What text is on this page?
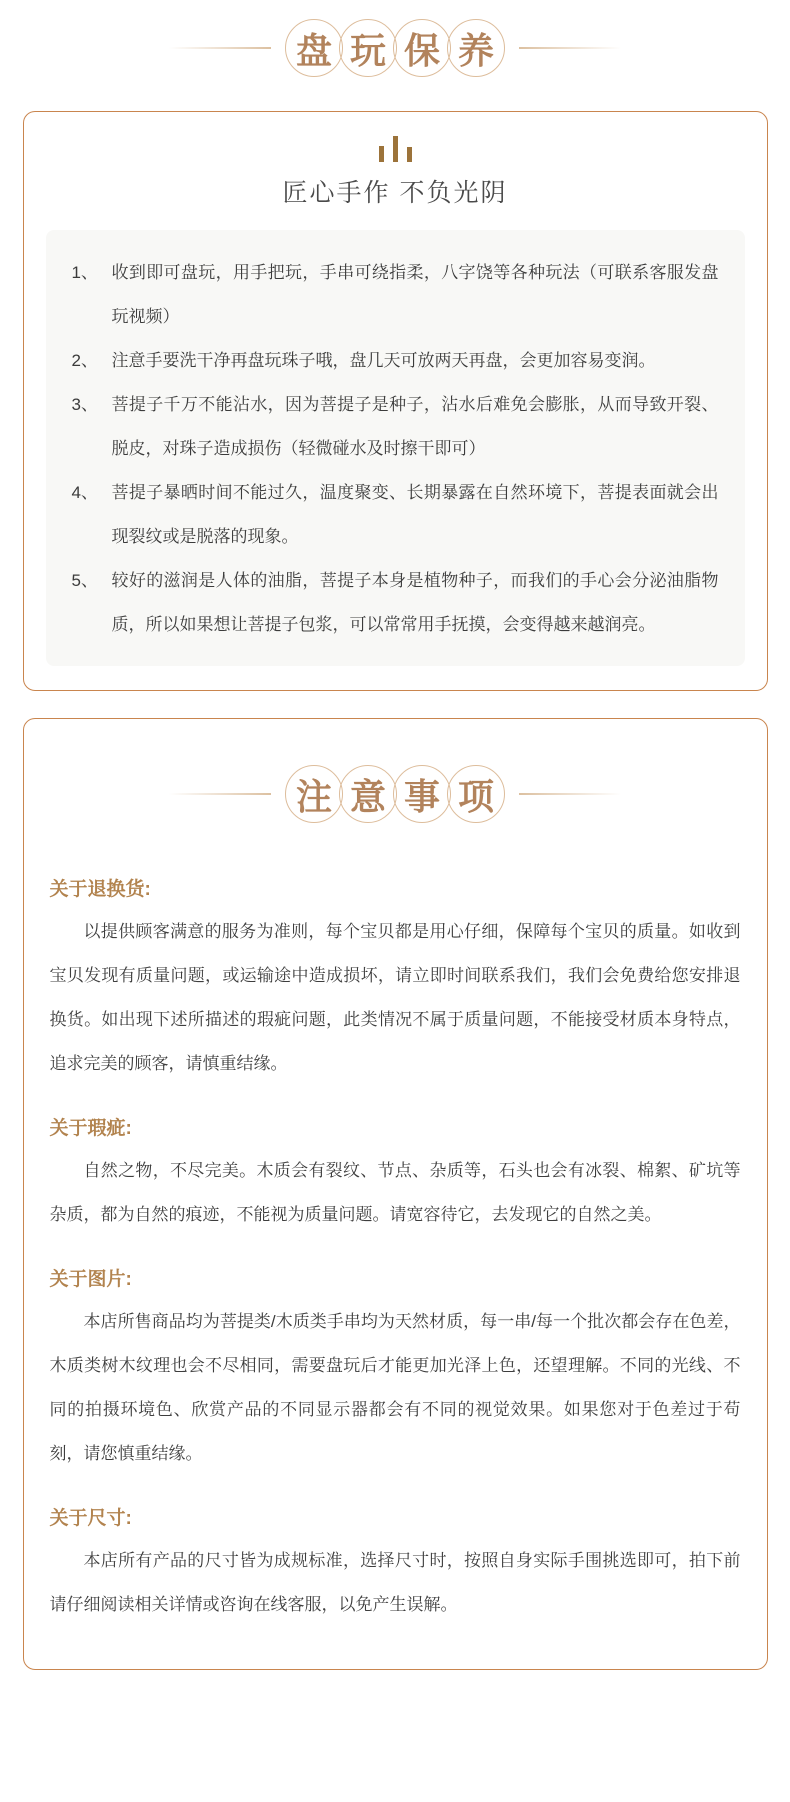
盘 玩 保 养
匠心手作 不负光阴
1、 收到即可盘玩，用手把玩，手串可绕指柔，八字饶等各种玩法（可联系客服发盘玩视频）
2、 注意手要洗干净再盘玩珠子哦，盘几天可放两天再盘，会更加容易变润。
3、 菩提子千万不能沾水，因为菩提子是种子，沾水后难免会膨胀，从而导致开裂、脱皮，对珠子造成损伤（轻微碰水及时擦干即可）
4、 菩提子暴晒时间不能过久，温度聚变、长期暴露在自然环境下，菩提表面就会出现裂纹或是脱落的现象。
5、 较好的滋润是人体的油脂，菩提子本身是植物种子，而我们的手心会分泌油脂物质，所以如果想让菩提子包浆，可以常常用手抚摸，会变得越来越润亮。
注 意 事 项
关于退换货:

以提供顾客满意的服务为准则，每个宝贝都是用心仔细，保障每个宝贝的质量。如收到宝贝发现有质量问题，或运输途中造成损坏，请立即时间联系我们，我们会免费给您安排退换货。如出现下述所描述的瑕疵问题，此类情况不属于质量问题，不能接受材质本身特点，追求完美的顾客，请慎重结缘。

关于瑕疵:

自然之物，不尽完美。木质会有裂纹、节点、杂质等，石头也会有冰裂、棉絮、矿坑等杂质，都为自然的痕迹，不能视为质量问题。请宽容待它，去发现它的自然之美。

关于图片:

本店所售商品均为菩提类/木质类手串均为天然材质，每一串/每一个批次都会存在色差，木质类树木纹理也会不尽相同，需要盘玩后才能更加光泽上色，还望理解。不同的光线、不同的拍摄环境色、欣赏产品的不同显示器都会有不同的视觉效果。如果您对于色差过于苟刻，请您慎重结缘。

关于尺寸:

本店所有产品的尺寸皆为成规标准，选择尺寸时，按照自身实际手围挑选即可，拍下前请仔细阅读相关详情或咨询在线客服，以免产生误解。
